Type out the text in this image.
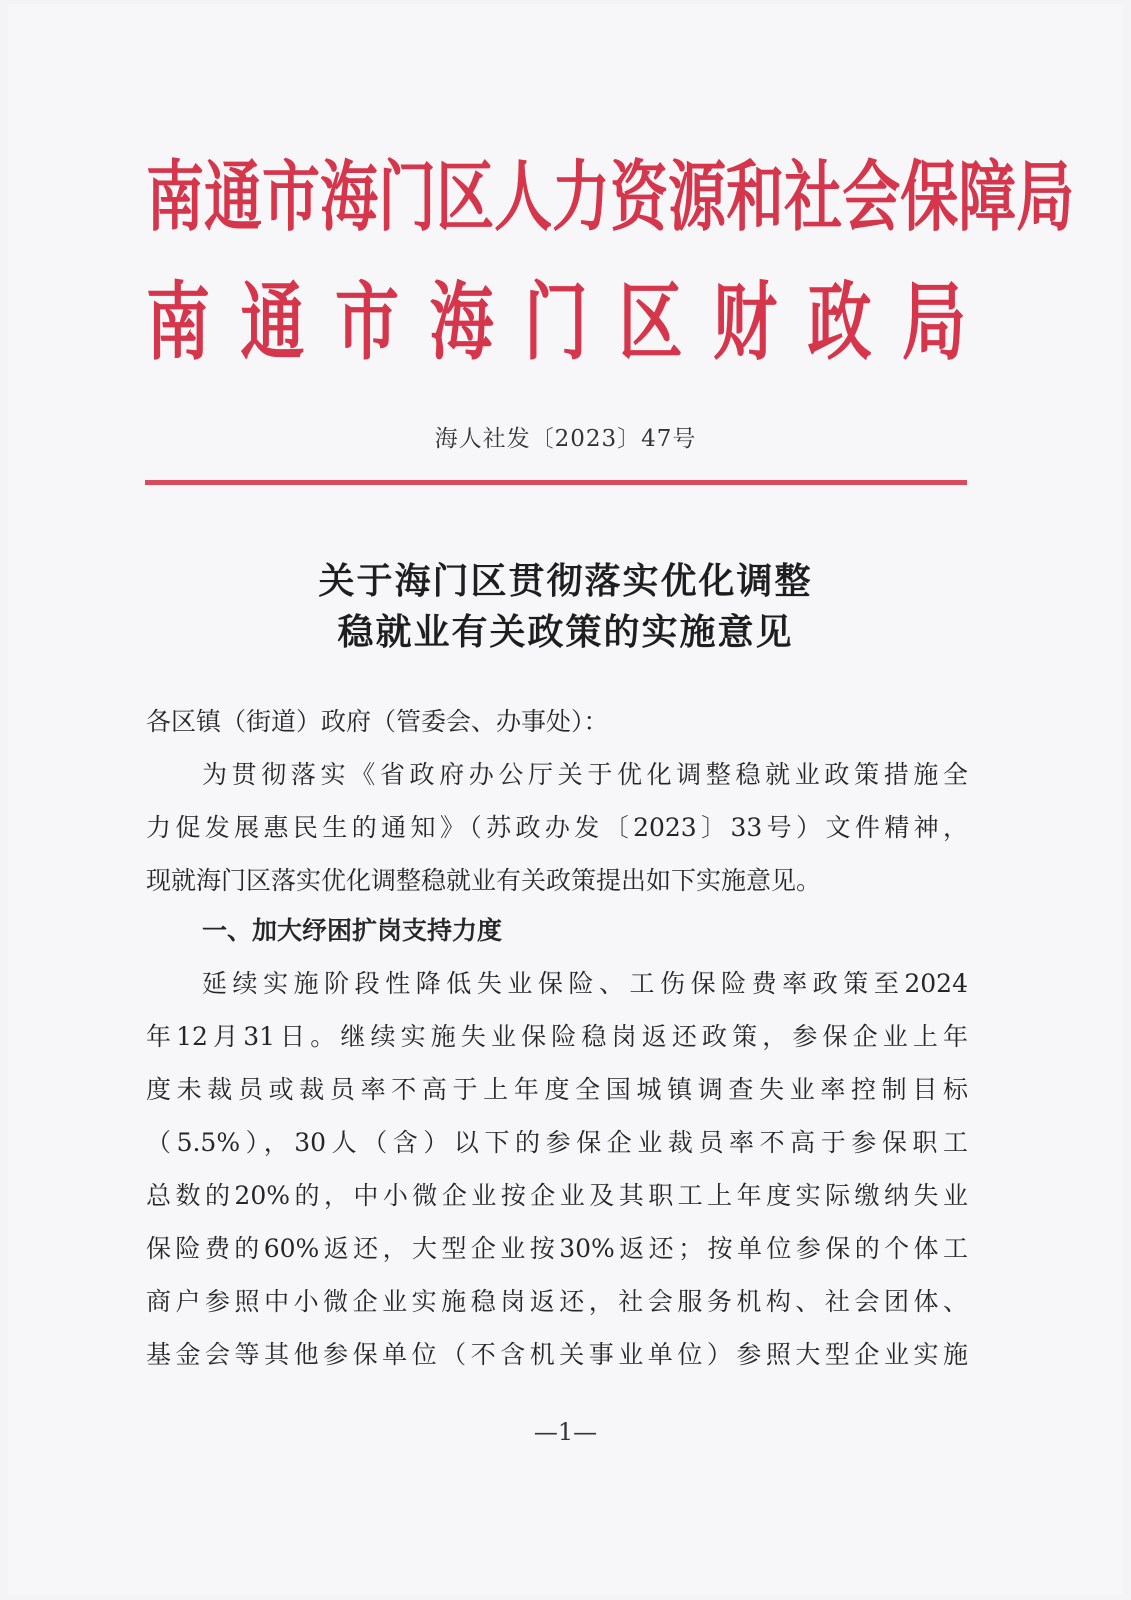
南 通 市 海 门 区 人 力 资 源 和 社 会 保 障 局
南 通 市 海 门 区 财 政 局
海人社发〔2023〕47号
关于海门区贯彻落实优化调整
稳就业有关政策的实施意见
各区镇（街道）政府（管委会、办事处）：
为贯彻落实《省政府办公厅关于优化调整稳就业政策措施全
力促发展惠民生的通知》（苏政办发〔2023〕33号）文件精神，
现就海门区落实优化调整稳就业有关政策提出如下实施意见。
一、加大纾困扩岗支持力度
延续实施阶段性降低失业保险、工伤保险费率政策至2024
年12月31日。继续实施失业保险稳岗返还政策，参保企业上年
度未裁员或裁员率不高于上年度全国城镇调查失业率控制目标
（5.5%），30人（含）以下的参保企业裁员率不高于参保职工
总数的20%的，中小微企业按企业及其职工上年度实际缴纳失业
保险费的60%返还，大型企业按30%返还；按单位参保的个体工
商户参照中小微企业实施稳岗返还，社会服务机构、社会团体、
基金会等其他参保单位（不含机关事业单位）参照大型企业实施
—1—
